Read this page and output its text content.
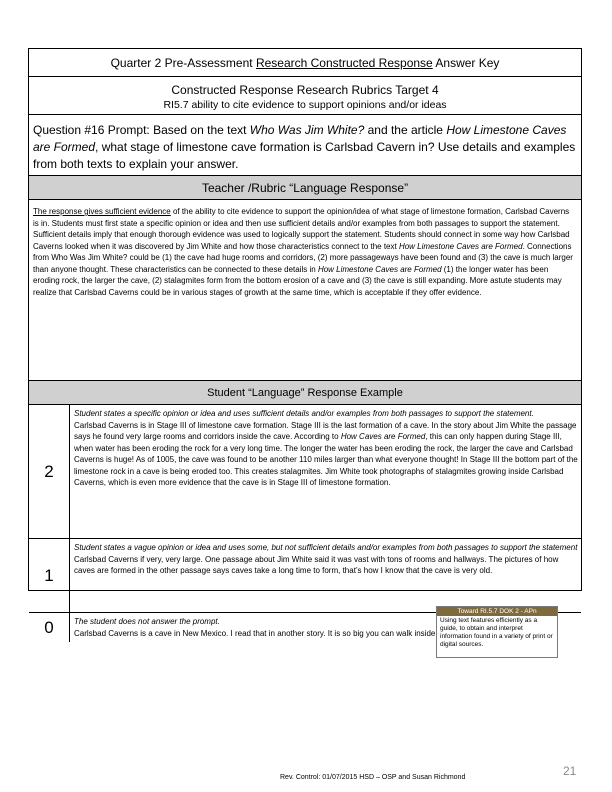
Quarter 2 Pre-Assessment Research Constructed Response Answer Key
Constructed Response Research Rubrics Target 4
RI5.7 ability to cite evidence to support opinions and/or ideas
Question #16 Prompt: Based on the text Who Was Jim White? and the article How Limestone Caves are Formed, what stage of limestone cave formation is Carlsbad Cavern in? Use details and examples from both texts to explain your answer.
Teacher /Rubric “Language Response”
The response gives sufficient evidence of the ability to cite evidence to support the opinion/idea of what stage of limestone formation, Carlsbad Caverns is in. Students must first state a specific opinion or idea and then use sufficient details and/or examples from both passages to support the statement. Sufficient details imply that enough thorough evidence was used to logically support the statement. Students should connect in some way how Carlsbad Caverns looked when it was discovered by Jim White and how those characteristics connect to the text How Limestone Caves are Formed. Connections from Who Was Jim White? could be (1) the cave had huge rooms and corridors, (2) more passageways have been found and (3) the cave is much larger than anyone thought. These characteristics can be connected to these details in How Limestone Caves are Formed (1) the longer water has been eroding rock, the larger the cave, (2) stalagmites form from the bottom erosion of a cave and (3) the cave is still expanding. More astute students may realize that Carlsbad Caverns could be in various stages of growth at the same time, which is acceptable if they offer evidence.
Student “Language” Response Example
2
Student states a specific opinion or idea and uses sufficient details and/or examples from both passages to support the statement.
Carlsbad Caverns is in Stage III of limestone cave formation. Stage III is the last formation of a cave. In the story about Jim White the passage says he found very large rooms and corridors inside the cave. According to How Caves are Formed, this can only happen during Stage III, when water has been eroding the rock for a very long time. The longer the water has been eroding the rock, the larger the cave and Carlsbad Caverns is huge! As of 1005, the cave was found to be another 110 miles larger than what everyone thought! In Stage III the bottom part of the limestone rock in a cave is being eroded too. This creates stalagmites. Jim White took photographs of stalagmites growing inside Carlsbad Caverns, which is even more evidence that the cave is in Stage III of limestone formation.
1
Student states a vague opinion or idea and uses some, but not sufficient details and/or examples from both passages to support the statement
Carlsbad Caverns if very, very large. One passage about Jim White said it was vast with tons of rooms and hallways. The pictures of how caves are formed in the other passage says caves take a long time to form, that’s how I know that the cave is very old.
0	The student does not answer the prompt.
Carlsbad Caverns is a cave in New Mexico. I read that in another story. It is so big you can walk inside.
Toward RI.5.7 DOK 2 - APn
Using text features efficiently as a guide, to obtain and interpret information found in a variety of print or digital sources.
Rev. Control: 01/07/2015 HSD – OSP and Susan Richmond	21
